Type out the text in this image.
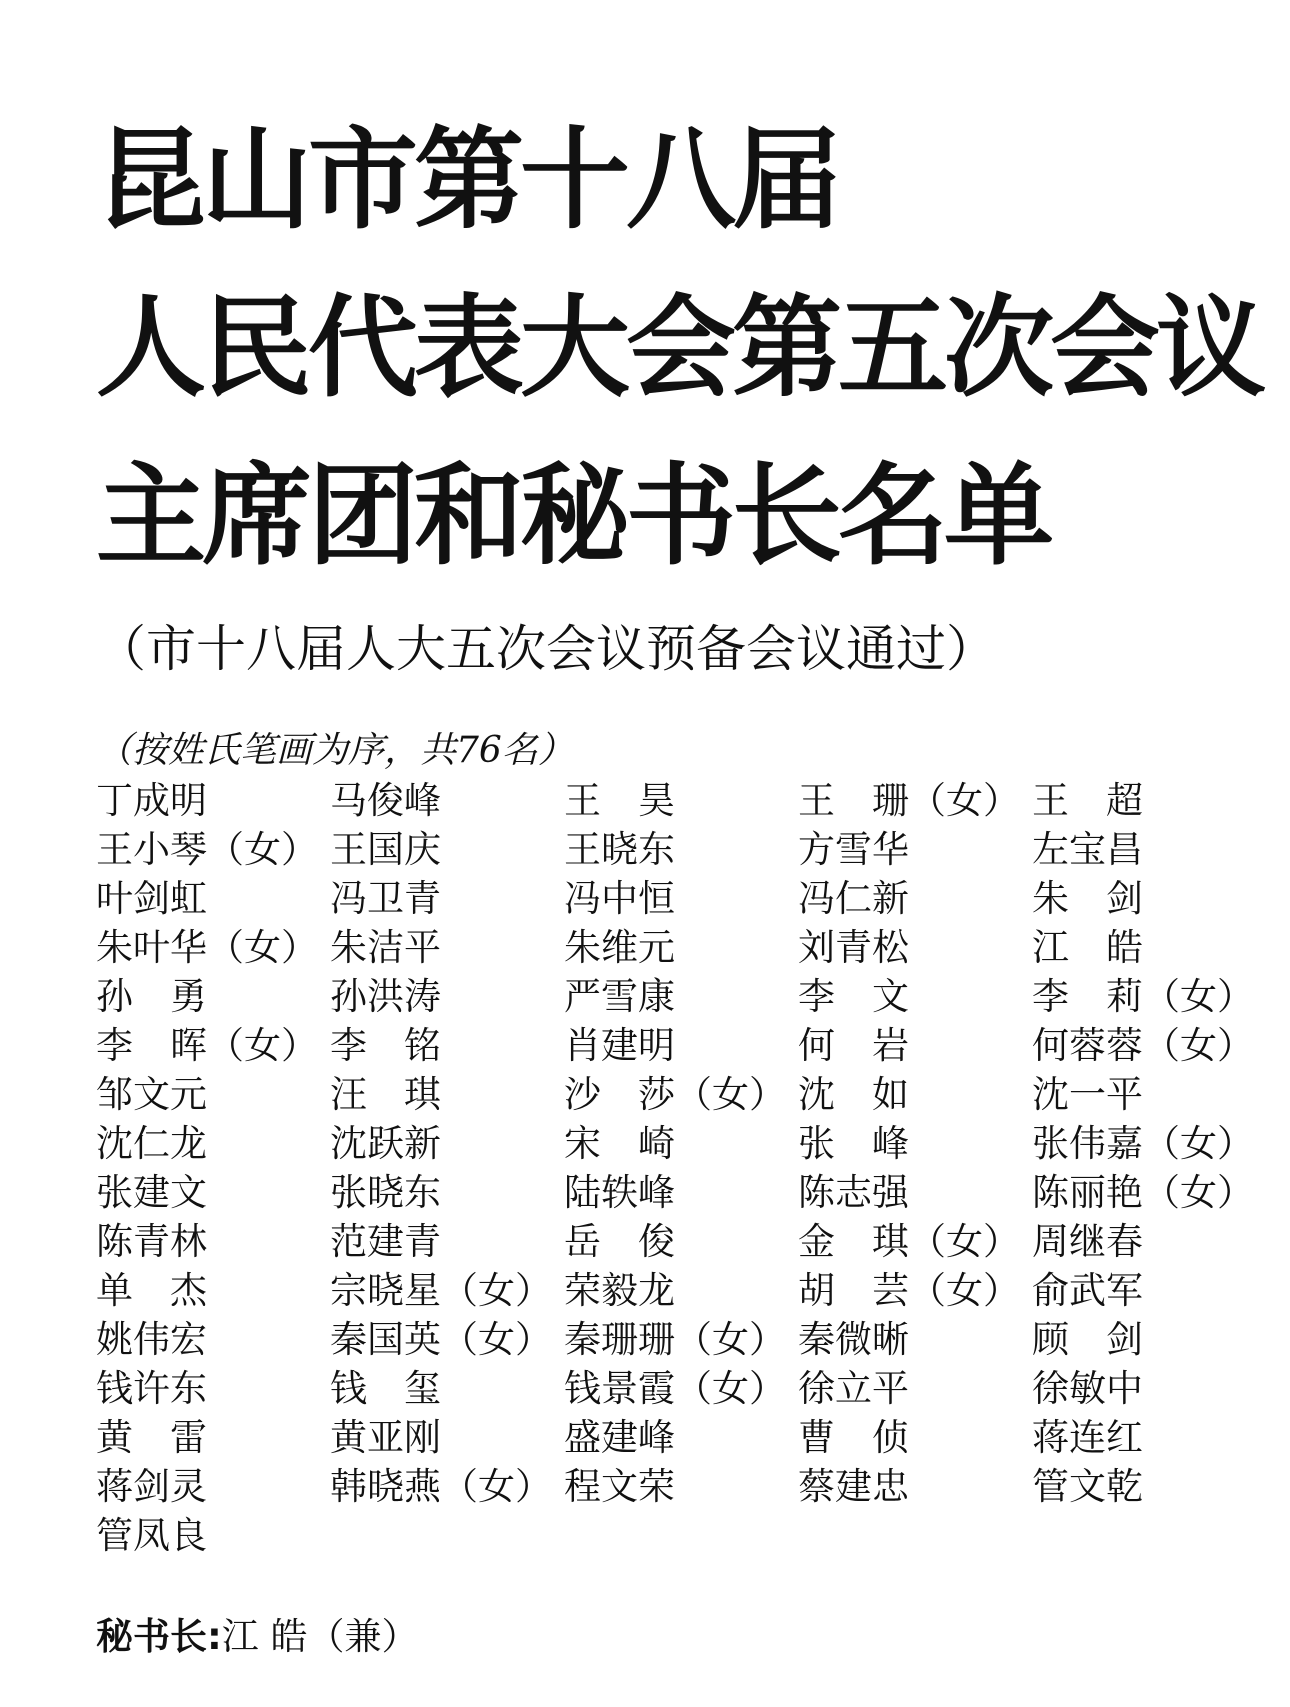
昆山市第十八届
人民代表大会第五次会议
主席团和秘书长名单
（市十八届人大五次会议预备会议通过）
（按姓氏笔画为序，共76名）
丁成明	马俊峰	王　昊	王　珊（女） 王　超
王小琴（女） 王国庆	王晓东	方雪华	左宝昌
叶剑虹	冯卫青	冯中恒	冯仁新	朱　剑
朱叶华（女） 朱洁平	朱维元	刘青松	江　皓
孙　勇	孙洪涛	严雪康	李　文	李　莉（女）
李　晖（女） 李　铭	肖建明	何　岩	何蓉蓉（女）
邹文元	汪　琪	沙　莎（女） 沈　如	沈一平
沈仁龙	沈跃新	宋　崎	张　峰	张伟嘉（女）
张建文	张晓东	陆轶峰	陈志强	陈丽艳（女）
陈青林	范建青	岳　俊	金　琪（女） 周继春
单　杰	宗晓星（女） 荣毅龙	胡　芸（女） 俞武军
姚伟宏	秦国英（女） 秦珊珊（女） 秦微晰	顾　剑
钱许东	钱　玺	钱景霞（女） 徐立平	徐敏中
黄　雷	黄亚刚	盛建峰	曹　侦	蒋连红
蒋剑灵	韩晓燕（女） 程文荣	蔡建忠	管文乾
管凤良
秘书长:江 皓（兼）
